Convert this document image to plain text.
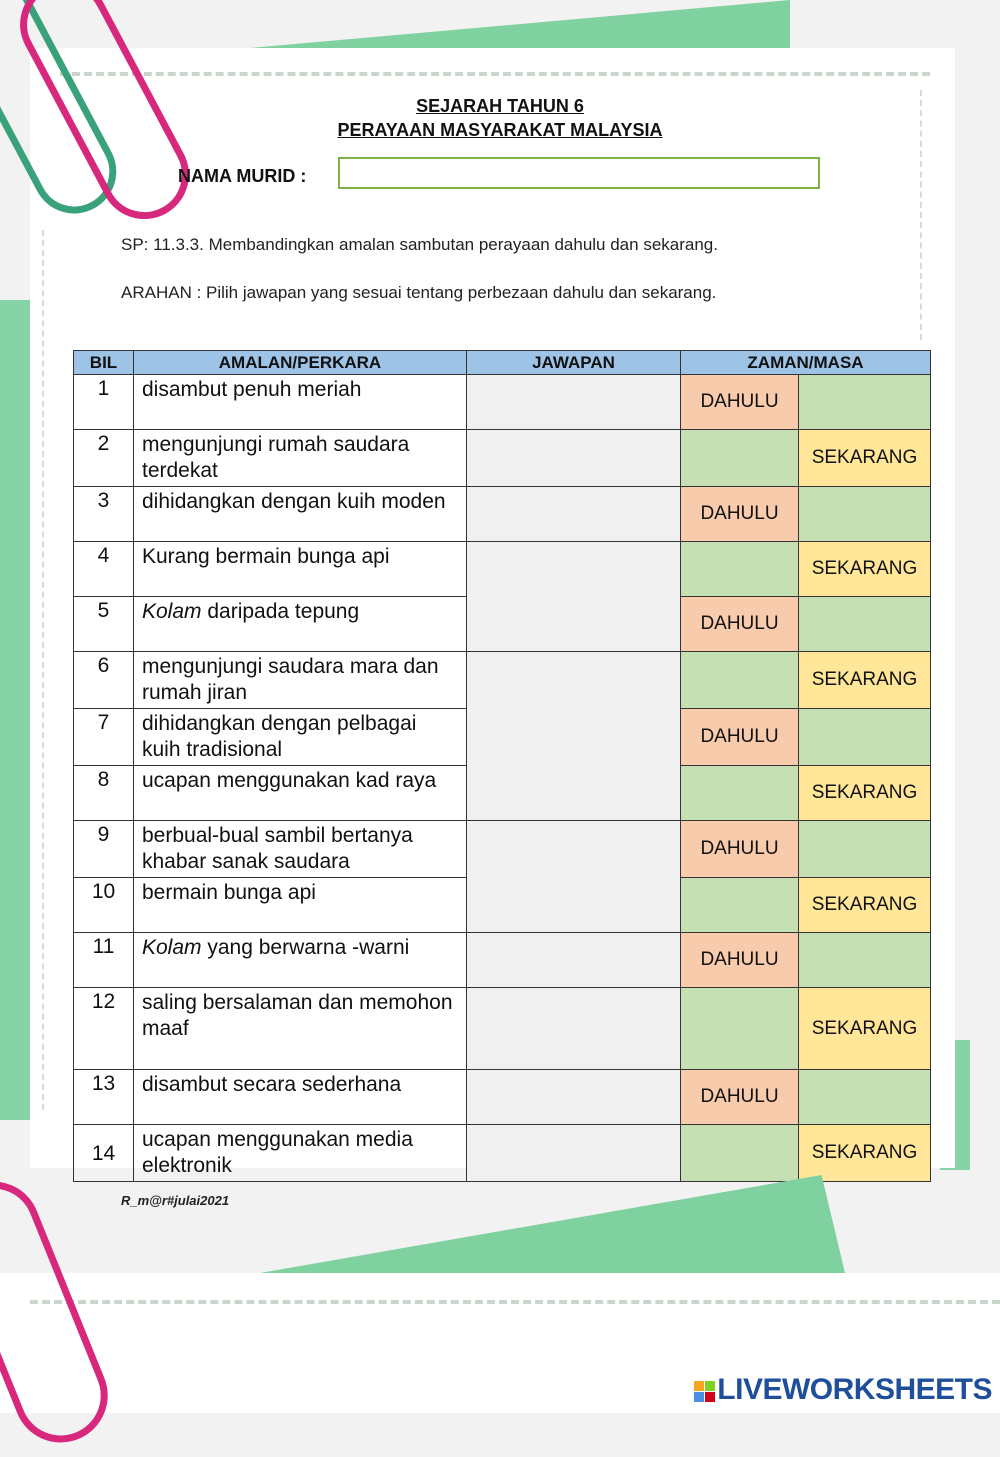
SEJARAH TAHUN 6
PERAYAAN MASYARAKAT MALAYSIA
NAMA MURID :
SP: 11.3.3. Membandingkan amalan sambutan perayaan dahulu dan sekarang.
ARAHAN : Pilih jawapan yang sesuai tentang perbezaan dahulu dan sekarang.
BIL	AMALAN/PERKARA	JAWAPAN	ZAMAN/MASA	
1	disambut penuh meriah		DAHULU	
2	mengunjungi rumah saudara terdekat			SEKARANG
3	dihidangkan dengan kuih moden		DAHULU	
4	Kurang bermain bunga api			SEKARANG
5	Kolam daripada tepung		DAHULU	
6	mengunjungi saudara mara dan rumah jiran			SEKARANG
7	dihidangkan dengan pelbagai kuih tradisional		DAHULU	
8	ucapan menggunakan kad raya			SEKARANG
9	berbual-bual sambil bertanya khabar sanak saudara		DAHULU	
10	bermain bunga api			SEKARANG
11	Kolam yang berwarna -warni		DAHULU	
12	saling bersalaman dan memohon maaf			SEKARANG
13	disambut secara sederhana		DAHULU	
14	ucapan menggunakan media elektronik			SEKARANG
R_m@r#julai2021
LIVEWORKSHEETS
